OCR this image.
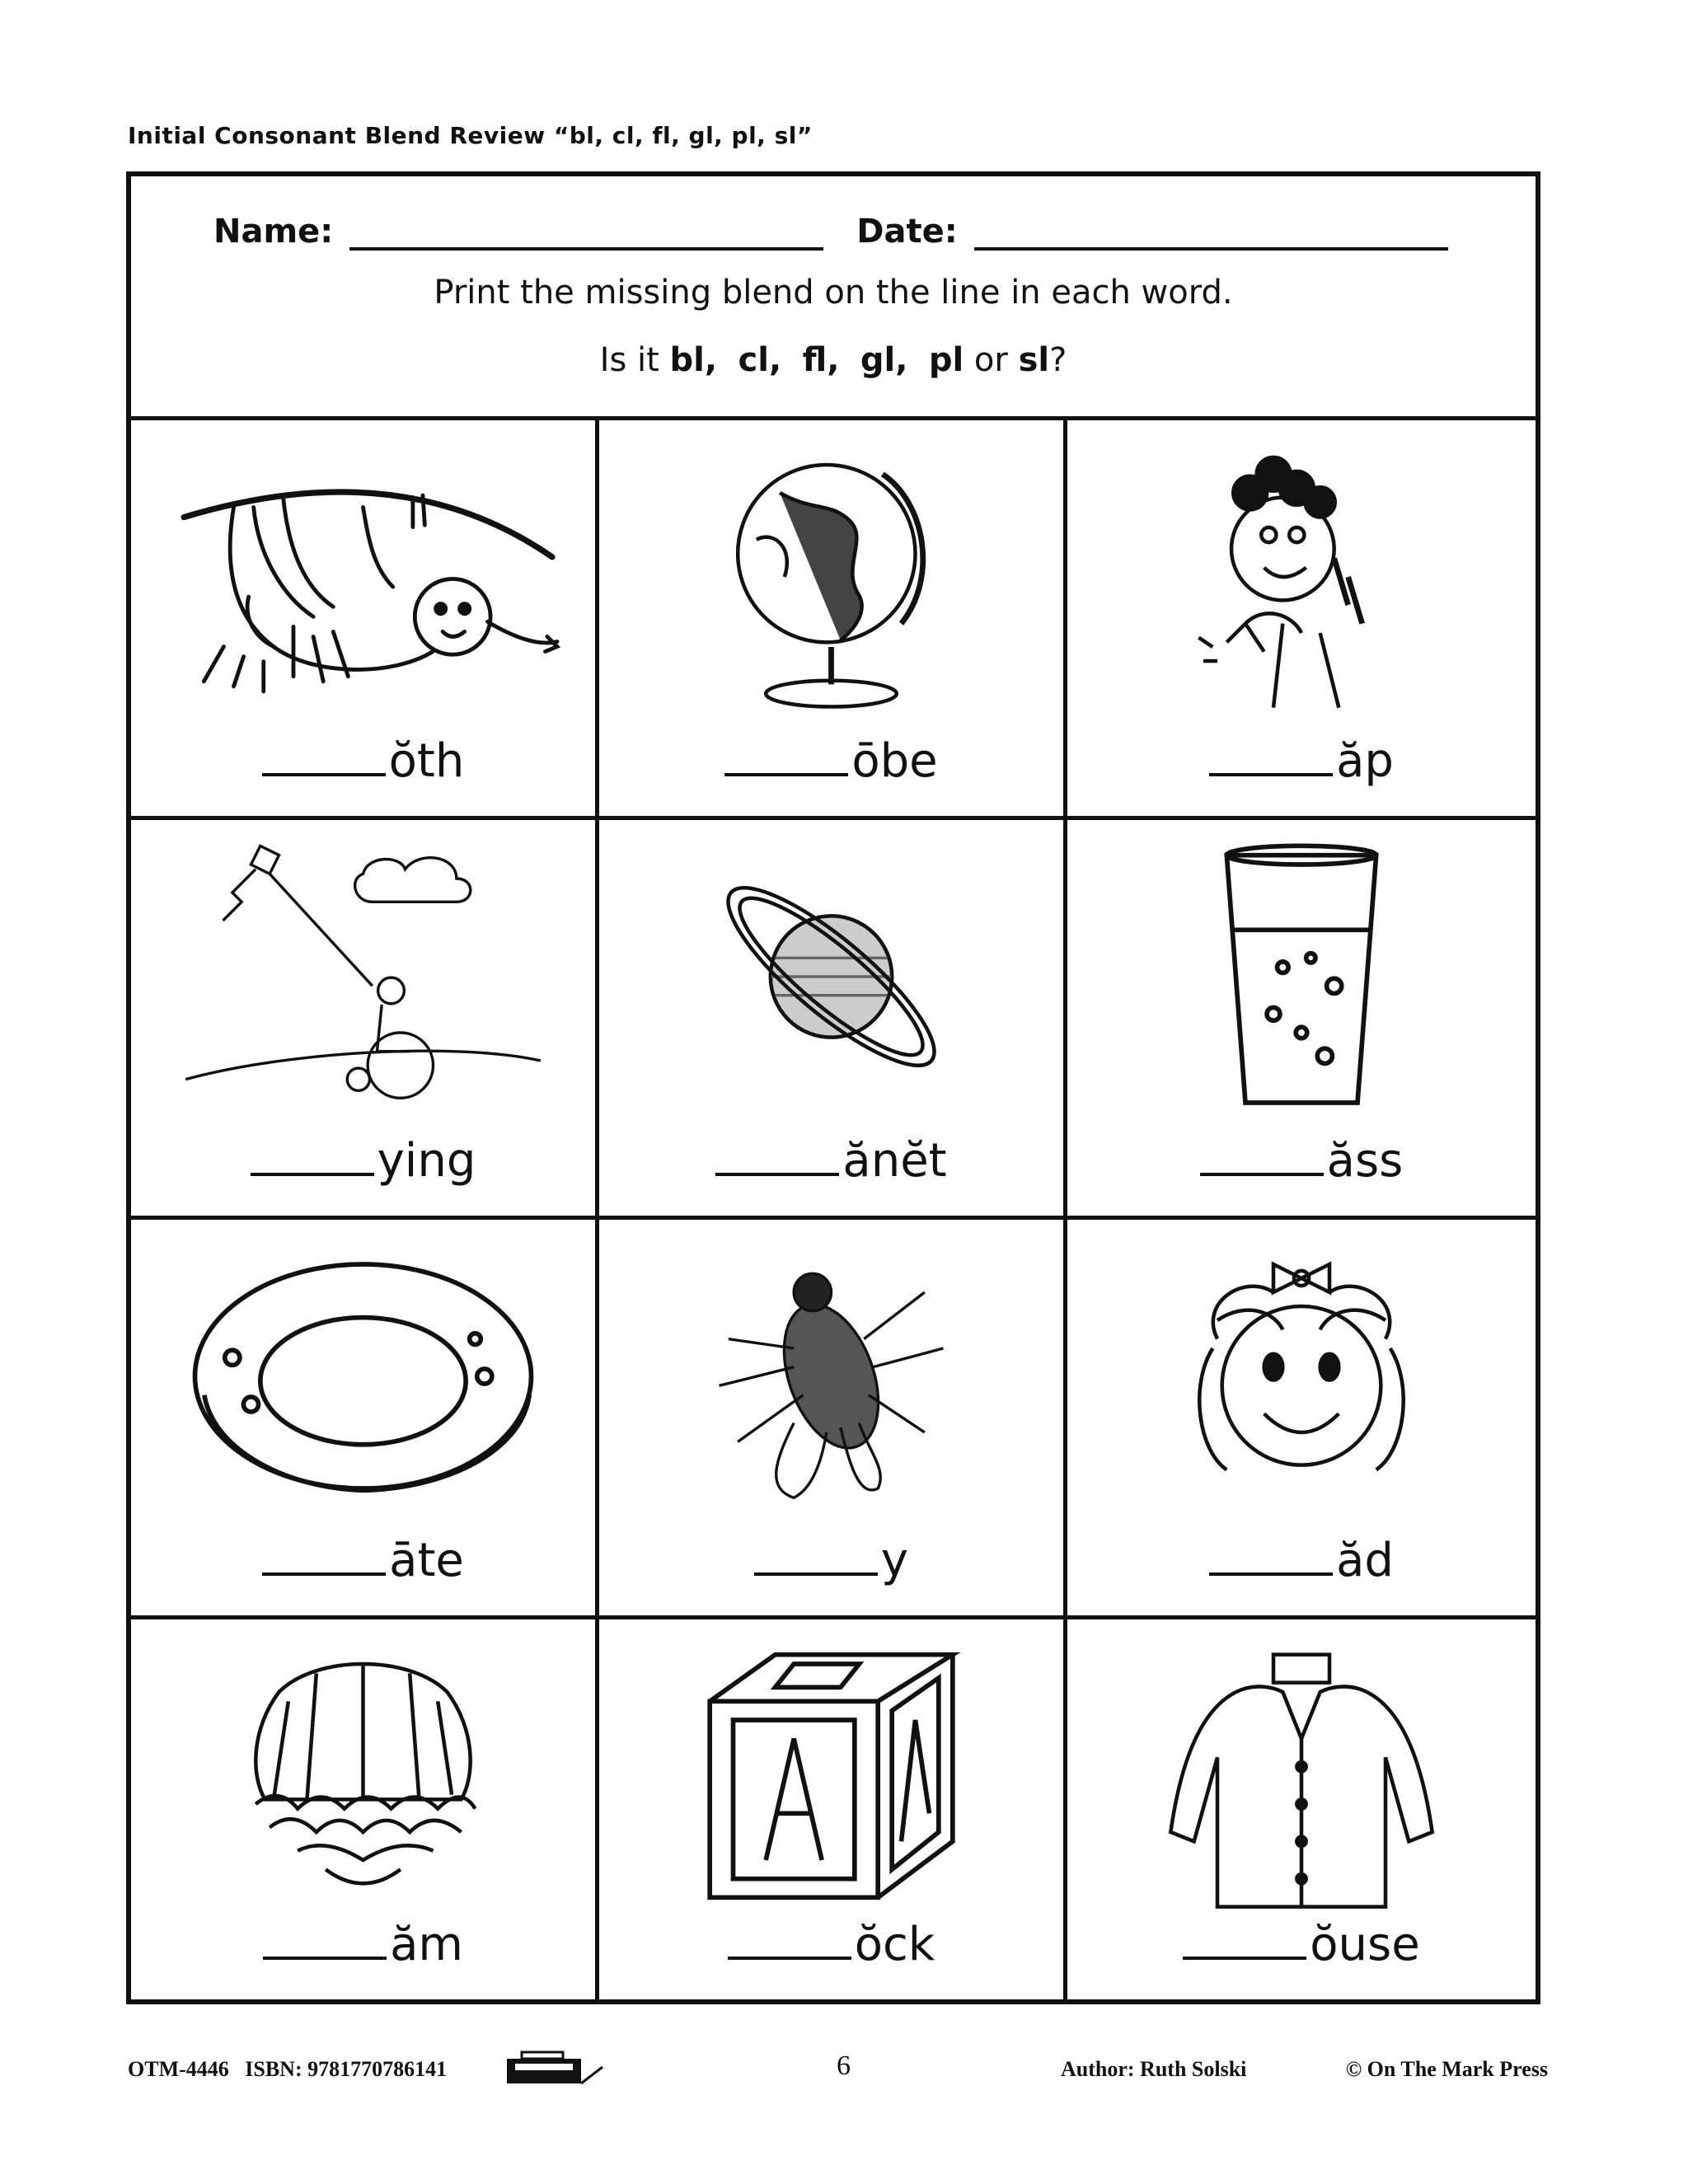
Initial Consonant Blend Review “bl, cl, fl, gl, pl, sl”
Name:	Date:
Print the missing blend on the line in each word.
Is it bl, cl, fl, gl, pl or sl?
ŏth	ōbe	ăp
ying	ănĕt	ăss
āte	y	ăd
ăm	ŏck	ŏuse
OTM-4446 ISBN: 9781770786141	6	Author: Ruth Solski	© On The Mark Press
